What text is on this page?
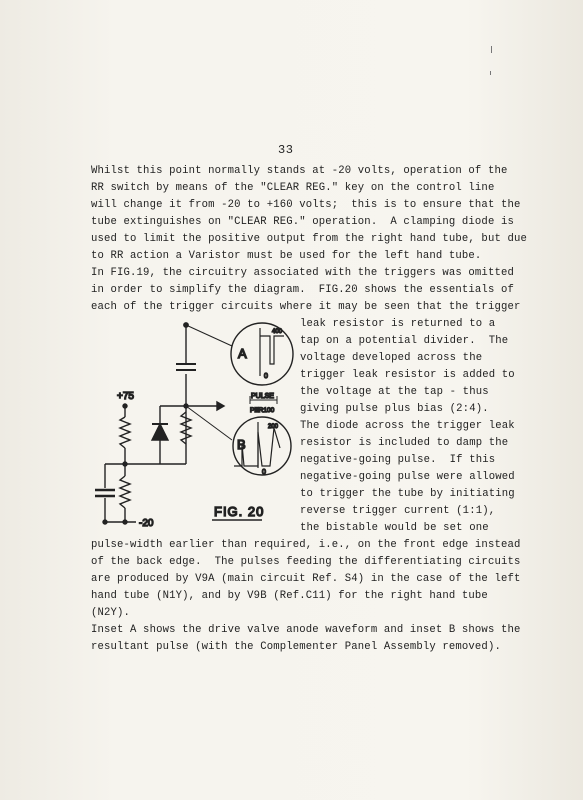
33
Whilst this point normally stands at -20 volts, operation of the
RR switch by means of the "CLEAR REG." key on the control line
will change it from -20 to +160 volts;  this is to ensure that the
tube extinguishes on "CLEAR REG." operation.  A clamping diode is
used to limit the positive output from the right hand tube, but due
to RR action a Varistor must be used for the left hand tube.
In FIG.19, the circuitry associated with the triggers was omitted
in order to simplify the diagram.  FIG.20 shows the essentials of
each of the trigger circuits where it may be seen that the trigger
leak resistor is returned to a
tap on a potential divider.  The
voltage developed across the
trigger leak resistor is added to
the voltage at the tap - thus
giving pulse plus bias (2:4).
The diode across the trigger leak
resistor is included to damp the
negative-going pulse.  If this
negative-going pulse were allowed
to trigger the tube by initiating
reverse trigger current (1:1),
the bistable would be set one
+75
-20
PULSE
PER100
A
400
0
B
200
0
FIG. 20
pulse-width earlier than required, i.e., on the front edge instead
of the back edge.  The pulses feeding the differentiating circuits
are produced by V9A (main circuit Ref. S4) in the case of the left
hand tube (N1Y), and by V9B (Ref.C11) for the right hand tube
(N2Y).
Inset A shows the drive valve anode waveform and inset B shows the
resultant pulse (with the Complementer Panel Assembly removed).
